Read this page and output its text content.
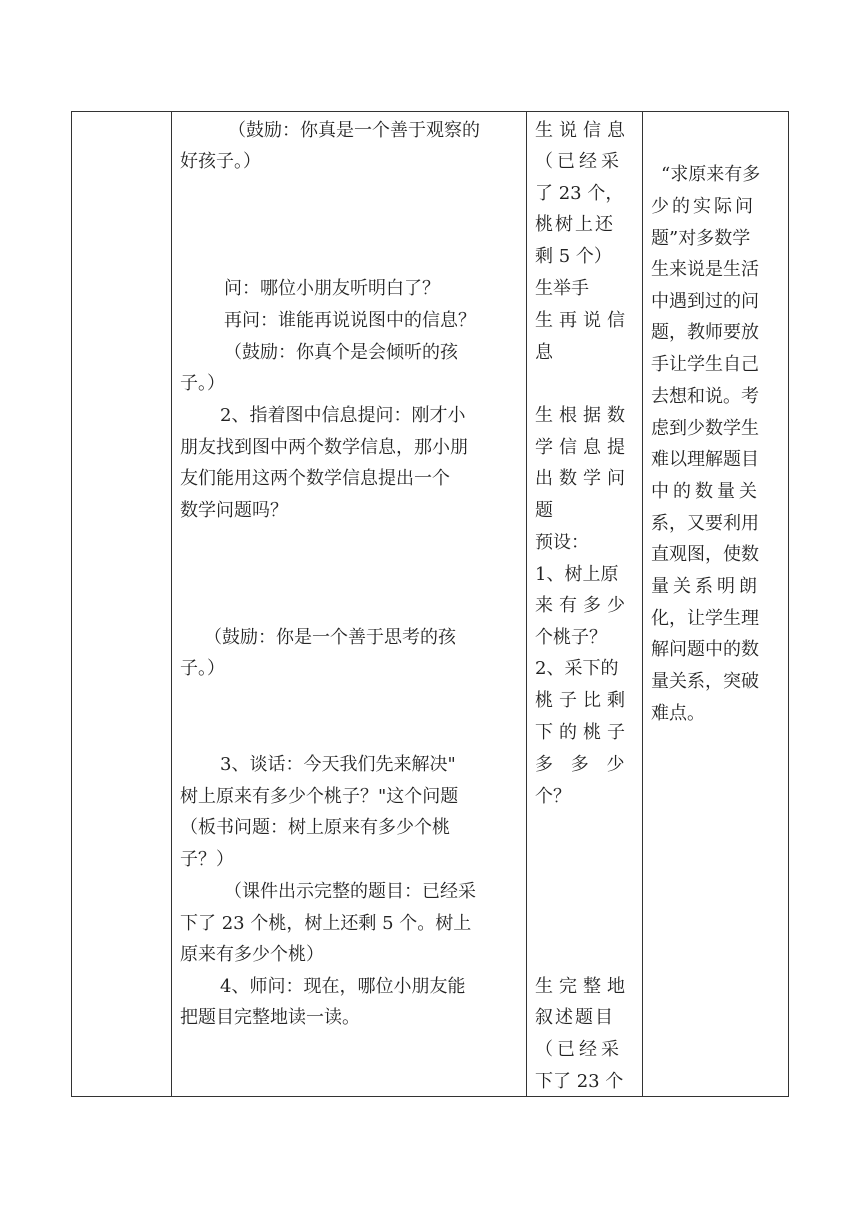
（鼓励：你真是一个善于观察的
好孩子。）
问：哪位小朋友听明白了？
再问：谁能再说说图中的信息？
（鼓励：你真个是会倾听的孩
子。）
2、指着图中信息提问：刚才小
朋友找到图中两个数学信息，那小朋
友们能用这两个数学信息提出一个
数学问题吗？
（鼓励：你是一个善于思考的孩
子。）
3、谈话：今天我们先来解决"
树上原来有多少个桃子？"这个问题
（板书问题：树上原来有多少个桃
子？）
（课件出示完整的题目：已经采
下了 23 个桃，树上还剩 5 个。树上
原来有多少个桃）
4、师问：现在，哪位小朋友能
把题目完整地读一读。
生说信息
（已经采
了 23 个，
桃树上还
剩 5 个）
生举手
生再说信
息
生根据数
学信息提
出数学问
题
预设：
1、树上原
来有多少
个桃子？
2、采下的
桃子比剩
下的桃子
多 多 少
个？
生完整地
叙述题目
（已经采
下了 23 个
“求原来有多
少的实际问
题”对多数学
生来说是生活
中遇到过的问
题，教师要放
手让学生自己
去想和说。考
虑到少数学生
难以理解题目
中的数量关
系，又要利用
直观图，使数
量关系明朗
化，让学生理
解问题中的数
量关系，突破
难点。
